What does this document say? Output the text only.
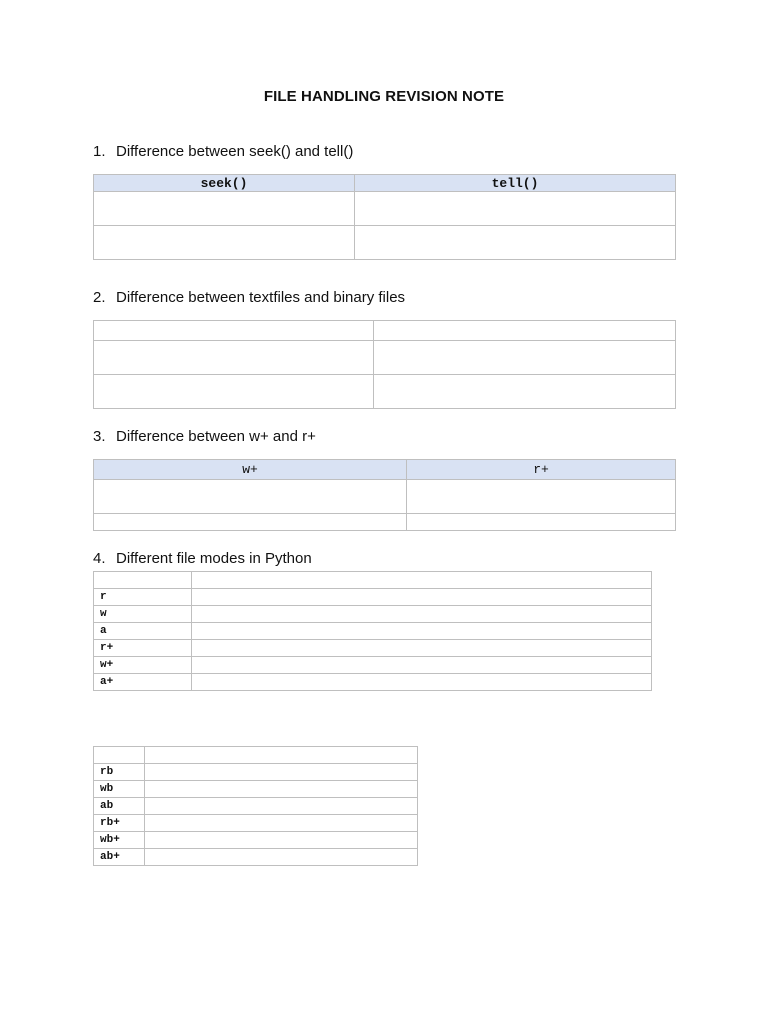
FILE HANDLING REVISION NOTE
1. Difference between seek() and tell()
seek()	tell()

2. Difference between textfiles and binary files

3. Difference between w+ and r+
w+	r+

4. Different file modes in Python

r	
w	
a	
r+	
w+	
a+	

rb	
wb	
ab	
rb+	
wb+	
ab+	
